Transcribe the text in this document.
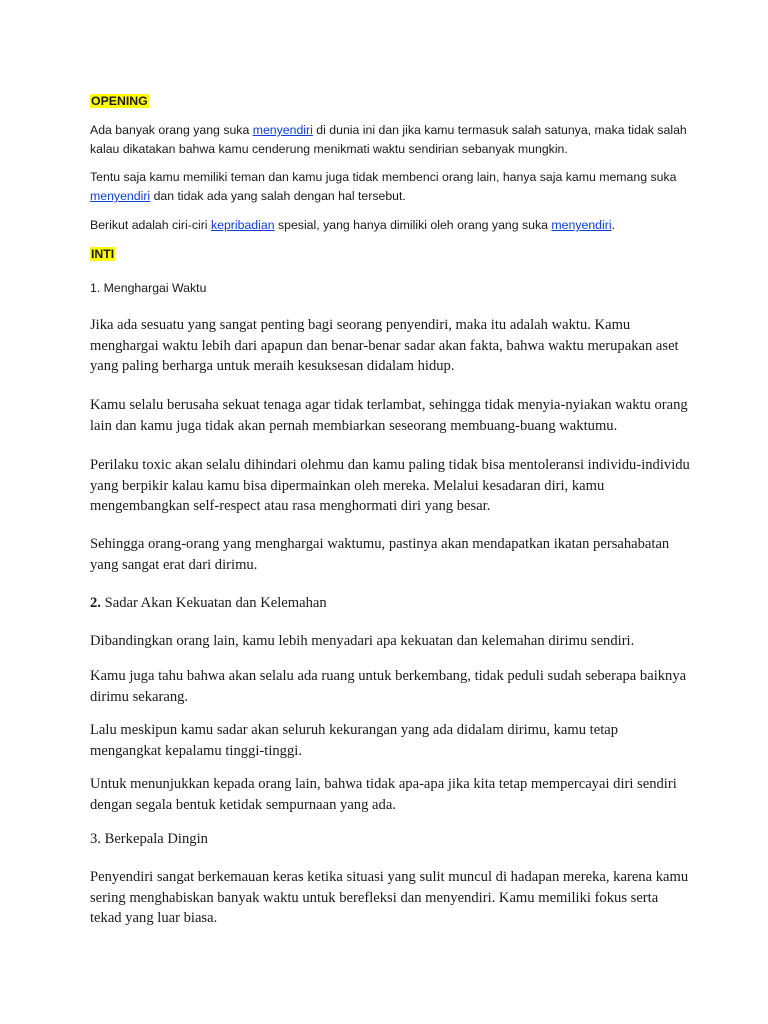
OPENING

Ada banyak orang yang suka menyendiri di dunia ini dan jika kamu termasuk salah satunya, maka tidak salah kalau dikatakan bahwa kamu cenderung menikmati waktu sendirian sebanyak mungkin.

Tentu saja kamu memiliki teman dan kamu juga tidak membenci orang lain, hanya saja kamu memang suka menyendiri dan tidak ada yang salah dengan hal tersebut.

Berikut adalah ciri-ciri kepribadian spesial, yang hanya dimiliki oleh orang yang suka menyendiri.

INTI

1. Menghargai Waktu

Jika ada sesuatu yang sangat penting bagi seorang penyendiri, maka itu adalah waktu. Kamu menghargai waktu lebih dari apapun dan benar-benar sadar akan fakta, bahwa waktu merupakan aset yang paling berharga untuk meraih kesuksesan didalam hidup.

Kamu selalu berusaha sekuat tenaga agar tidak terlambat, sehingga tidak menyia-nyiakan waktu orang lain dan kamu juga tidak akan pernah membiarkan seseorang membuang-buang waktumu.

Perilaku toxic akan selalu dihindari olehmu dan kamu paling tidak bisa mentoleransi individu-individu yang berpikir kalau kamu bisa dipermainkan oleh mereka. Melalui kesadaran diri, kamu mengembangkan self-respect atau rasa menghormati diri yang besar.

Sehingga orang-orang yang menghargai waktumu, pastinya akan mendapatkan ikatan persahabatan yang sangat erat dari dirimu.

2. Sadar Akan Kekuatan dan Kelemahan

Dibandingkan orang lain, kamu lebih menyadari apa kekuatan dan kelemahan dirimu sendiri.

Kamu juga tahu bahwa akan selalu ada ruang untuk berkembang, tidak peduli sudah seberapa baiknya dirimu sekarang.

Lalu meskipun kamu sadar akan seluruh kekurangan yang ada didalam dirimu, kamu tetap mengangkat kepalamu tinggi-tinggi.

Untuk menunjukkan kepada orang lain, bahwa tidak apa-apa jika kita tetap mempercayai diri sendiri dengan segala bentuk ketidak sempurnaan yang ada.

3. Berkepala Dingin

Penyendiri sangat berkemauan keras ketika situasi yang sulit muncul di hadapan mereka, karena kamu sering menghabiskan banyak waktu untuk berefleksi dan menyendiri. Kamu memiliki fokus serta tekad yang luar biasa.
